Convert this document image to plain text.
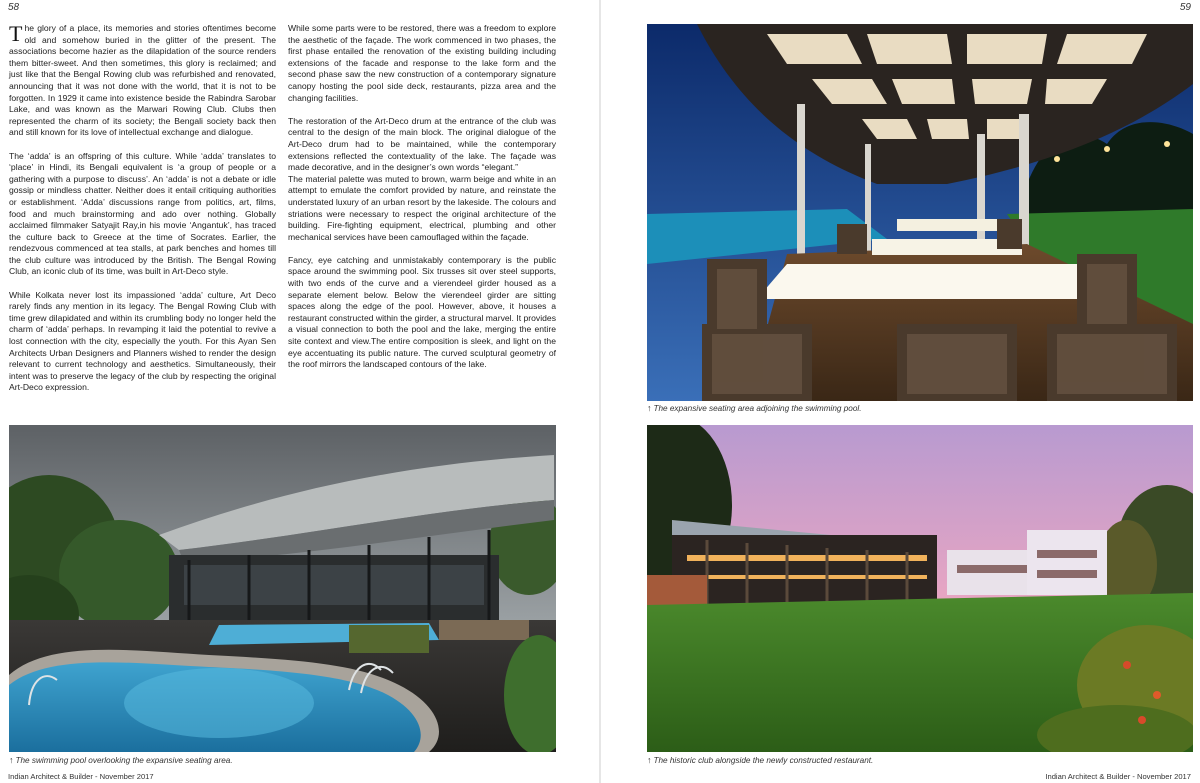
58

The glory of a place, its memories and stories oftentimes become old and somehow buried in the glitter of the present. The associations become hazier as the dilapidation of the source renders them bitter-sweet. And then sometimes, this glory is reclaimed; and just like that the Bengal Rowing club was refurbished and renovated, announcing that it was not done with the world, that it is not to be forgotten. In 1929 it came into existence beside the Rabindra Sarobar Lake, and was known as the Marwari Rowing Club. Clubs then represented the charm of its society; the Bengali society back then and still known for its love of intellectual exchange and dialogue.

The ‘adda’ is an offspring of this culture. While ‘adda’ translates to ‘place’ in Hindi, its Bengali equivalent is ‘a group of people or a gathering with a purpose to discuss’. An ‘adda’ is not a debate or idle gossip or mindless chatter. Neither does it entail critiquing authorities or establishment. ‘Adda’ discussions range from politics, art, films, food and much brainstorming and ado over nothing. Globally acclaimed filmmaker Satyajit Ray,in his movie ‘Angantuk’, has traced the culture back to Greece at the time of Socrates. Earlier, the rendezvous commenced at tea stalls, at park benches and homes till the club culture was introduced by the British. The Bengal Rowing Club, an iconic club of its time, was built in Art-Deco style.

While Kolkata never lost its impassioned ‘adda’ culture, Art Deco rarely finds any mention in its legacy. The Bengal Rowing Club with time grew dilapidated and within its crumbling body no longer held the charm of ‘adda’ perhaps. In revamping it laid the potential to revive a lost connection with the city, especially the youth. For this Ayan Sen Architects Urban Designers and Planners wished to render the design relevant to current technology and aesthetics. Simultaneously, their intent was to preserve the legacy of the club by respecting the original Art-Deco expression.

While some parts were to be restored, there was a freedom to explore the aesthetic of the façade. The work commenced in two phases, the first phase entailed the renovation of the existing building including extensions of the facade and response to the lake form and the second phase saw the new construction of a contemporary signature canopy hosting the pool side deck, restaurants, pizza area and the changing facilities.

The restoration of the Art-Deco drum at the entrance of the club was central to the design of the main block. The original dialogue of the Art-Deco drum had to be maintained, while the contemporary extensions reflected the contextuality of the lake. The façade was made decorative, and in the designer’s own words “elegant.”

The material palette was muted to brown, warm beige and white in an attempt to emulate the comfort provided by nature, and reinstate the understated luxury of an urban resort by the lakeside. The colours and striations were necessary to respect the original architecture of the building. Fire-fighting equipment, electrical, plumbing and other mechanical services have been camouflaged within the façade.

Fancy, eye catching and unmistakably contemporary is the public space around the swimming pool. Six trusses sit over steel supports, with two ends of the curve and a vierendeel girder housed as a separate element below. Below the vierendeel girder are sitting spaces along the edge of the pool. However, above, it houses a restaurant constructed within the girder, a structural marvel. It provides a visual connection to both the pool and the lake, merging the entire site context and view.The entire composition is sleek, and light on the eye accentuating its public nature. The curved sculptural geometry of the roof mirrors the landscaped contours of the lake.

↑ The swimming pool overlooking the expansive seating area.
Indian Architect & Builder - November 2017
59
↑ The expansive seating area adjoining the swimming pool.
↑ The historic club alongside the newly constructed restaurant.
Indian Architect & Builder - November 2017
